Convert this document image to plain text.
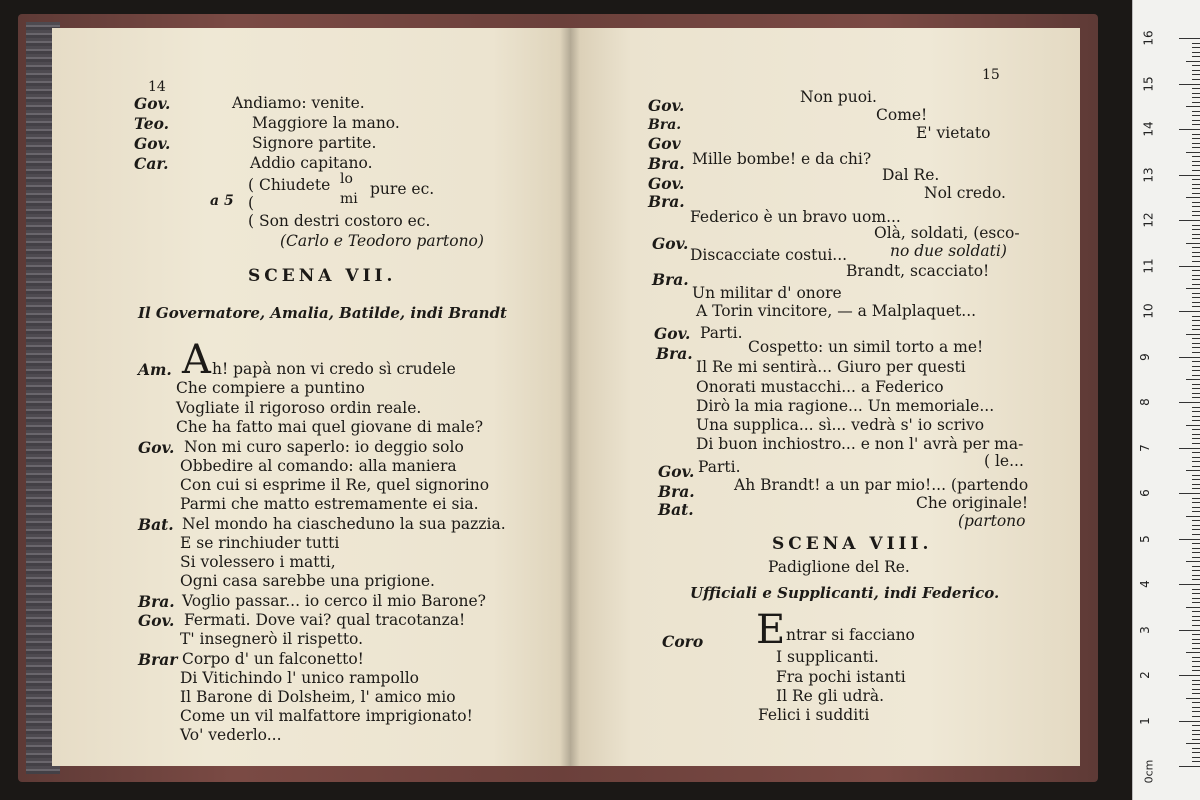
14
Gov.	Andiamo: venite.
Teo.	Maggiore la mano.
Gov.	Signore partite.
Car.	Addio capitano.
a 5
( Chiudete lo
mi
pure ec.
(
( Son destri costoro ec.
(Carlo e Teodoro partono)
SCENA VII.
Il Governatore, Amalia, Batilde, indi Brandt
Am. A h! papà non vi credo sì crudele
Che compiere a puntino
Vogliate il rigoroso ordin reale.
Che ha fatto mai quel giovane di male?
Gov. Non mi curo saperlo: io deggio solo
Obbedire al comando: alla maniera
Con cui si esprime il Re, quel signorino
Parmi che matto estremamente ei sia.
Bat. Nel mondo ha ciascheduno la sua pazzia.
E se rinchiuder tutti
Si volessero i matti,
Ogni casa sarebbe una prigione.
Bra. Voglio passar... io cerco il mio Barone?
Gov. Fermati. Dove vai? qual tracotanza!
T' insegnerò il rispetto.
Brar Corpo d' un falconetto!
Di Vitichindo l' unico rampollo
Il Barone di Dolsheim, l' amico mio
Come un vil malfattore imprigionato!
Vo' vederlo...
15
Gov.	Non puoi.
Bra.
Come!
Gov
E' vietato
Bra. Mille bombe! e da chi?
Gov.	Dal Re.
Bra.	Nol credo.
Federico è un bravo uom...
Olà, soldati, (esco-
Gov.
Discacciate costui...	no due soldati)
Bra.	Brandt, scacciato!
Un militar d' onore
A Torin vincitore, — a Malplaquet...
Gov. Parti.
Bra.	Cospetto: un simil torto a me!
Il Re mi sentirà... Giuro per questi
Onorati mustacchi... a Federico
Dirò la mia ragione... Un memoriale...
Una supplica... sì... vedrà s' io scrivo
Di buon inchiostro... e non l' avrà per ma-
( le...
Gov. Parti.
Bra.	Ah Brandt! a un par mio!... (partendo
Bat.	Che originale!
(partono
SCENA VIII.
Padiglione del Re.
Ufficiali e Supplicanti, indi Federico.
Coro E ntrar si facciano
I supplicanti.
Fra pochi istanti
Il Re gli udrà.
Felici i sudditi	1
2
3
4
5
6
7
8
9
10
11
12
13
14
15
16
0cm
